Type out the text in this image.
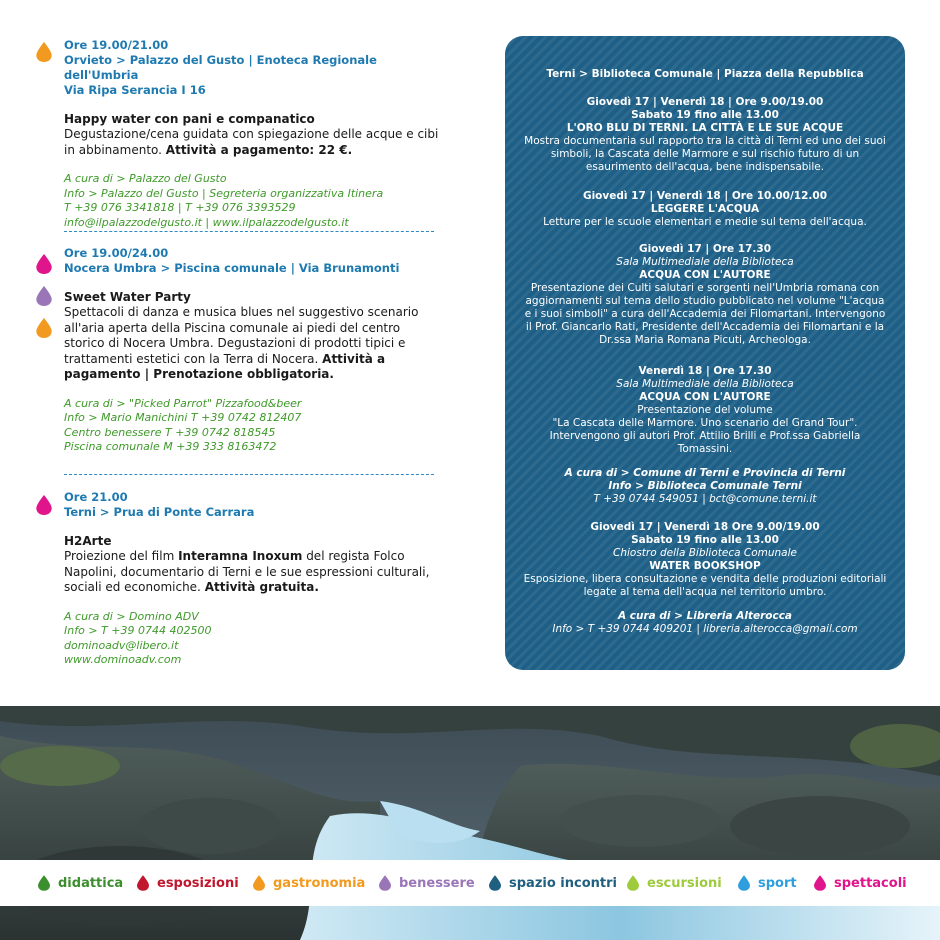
Ore 19.00/21.00
Orvieto > Palazzo del Gusto | Enoteca Regionale dell'Umbria
Via Ripa Serancia I 16
Happy water con pani e companatico
Degustazione/cena guidata con spiegazione delle acque e cibi in abbinamento. Attività a pagamento: 22 €.
A cura di > Palazzo del Gusto
Info > Palazzo del Gusto | Segreteria organizzativa Itinera
T +39 076 3341818 | T +39 076 3393529
info@ilpalazzodelgusto.it | www.ilpalazzodelgusto.it
Ore 19.00/24.00
Nocera Umbra > Piscina comunale | Via Brunamonti
Sweet Water Party
Spettacoli di danza e musica blues nel suggestivo scenario all'aria aperta della Piscina comunale ai piedi del centro storico di Nocera Umbra. Degustazioni di prodotti tipici e trattamenti estetici con la Terra di Nocera. Attività a pagamento | Prenotazione obbligatoria.
A cura di > "Picked Parrot" Pizzafood&beer
Info > Mario Manichini T +39 0742 812407
Centro benessere T +39 0742 818545
Piscina comunale M +39 333 8163472
Ore 21.00
Terni > Prua di Ponte Carrara
H2Arte
Proiezione del film Interamna Inoxum del regista Folco Napolini, documentario di Terni e le sue espressioni culturali, sociali ed economiche. Attività gratuita.
A cura di > Domino ADV
Info > T +39 0744 402500
dominoadv@libero.it
www.dominoadv.com
Terni > Biblioteca Comunale | Piazza della Repubblica
Giovedì 17 | Venerdì 18 | Ore 9.00/19.00
Sabato 19 fino alle 13.00
L'ORO BLU DI TERNI. LA CITTÀ E LE SUE ACQUE
Mostra documentaria sul rapporto tra la città di Terni ed uno dei suoi simboli, la Cascata delle Marmore e sul rischio futuro di un esaurimento dell'acqua, bene indispensabile.
Giovedì 17 | Venerdì 18 | Ore 10.00/12.00
LEGGERE L'ACQUA
Letture per le scuole elementari e medie sul tema dell'acqua.
Giovedì 17 | Ore 17.30
Sala Multimediale della Biblioteca
ACQUA CON L'AUTORE
Presentazione dei Culti salutari e sorgenti nell'Umbria romana con aggiornamenti sul tema dello studio pubblicato nel volume "L'acqua e i suoi simboli" a cura dell'Accademia dei Filomartani. Intervengono il Prof. Giancarlo Rati, Presidente dell'Accademia dei Filomartani e la Dr.ssa Maria Romana Picuti, Archeologa.
Venerdì 18 | Ore 17.30
Sala Multimediale della Biblioteca
ACQUA CON L'AUTORE
Presentazione del volume
"La Cascata delle Marmore. Uno scenario del Grand Tour". Intervengono gli autori Prof. Attilio Brilli e Prof.ssa Gabriella Tomassini.
A cura di > Comune di Terni e Provincia di Terni
Info > Biblioteca Comunale Terni
T +39 0744 549051 | bct@comune.terni.it
Giovedì 17 | Venerdì 18 Ore 9.00/19.00
Sabato 19 fino alle 13.00
Chiostro della Biblioteca Comunale
WATER BOOKSHOP
Esposizione, libera consultazione e vendita delle produzioni editoriali legate al tema dell'acqua nel territorio umbro.
A cura di > Libreria Alterocca
Info > T +39 0744 409201 | libreria.alterocca@gmail.com
didattica	esposizioni	gastronomia	benessere	spazio incontri escursioni	sport	spettacoli
